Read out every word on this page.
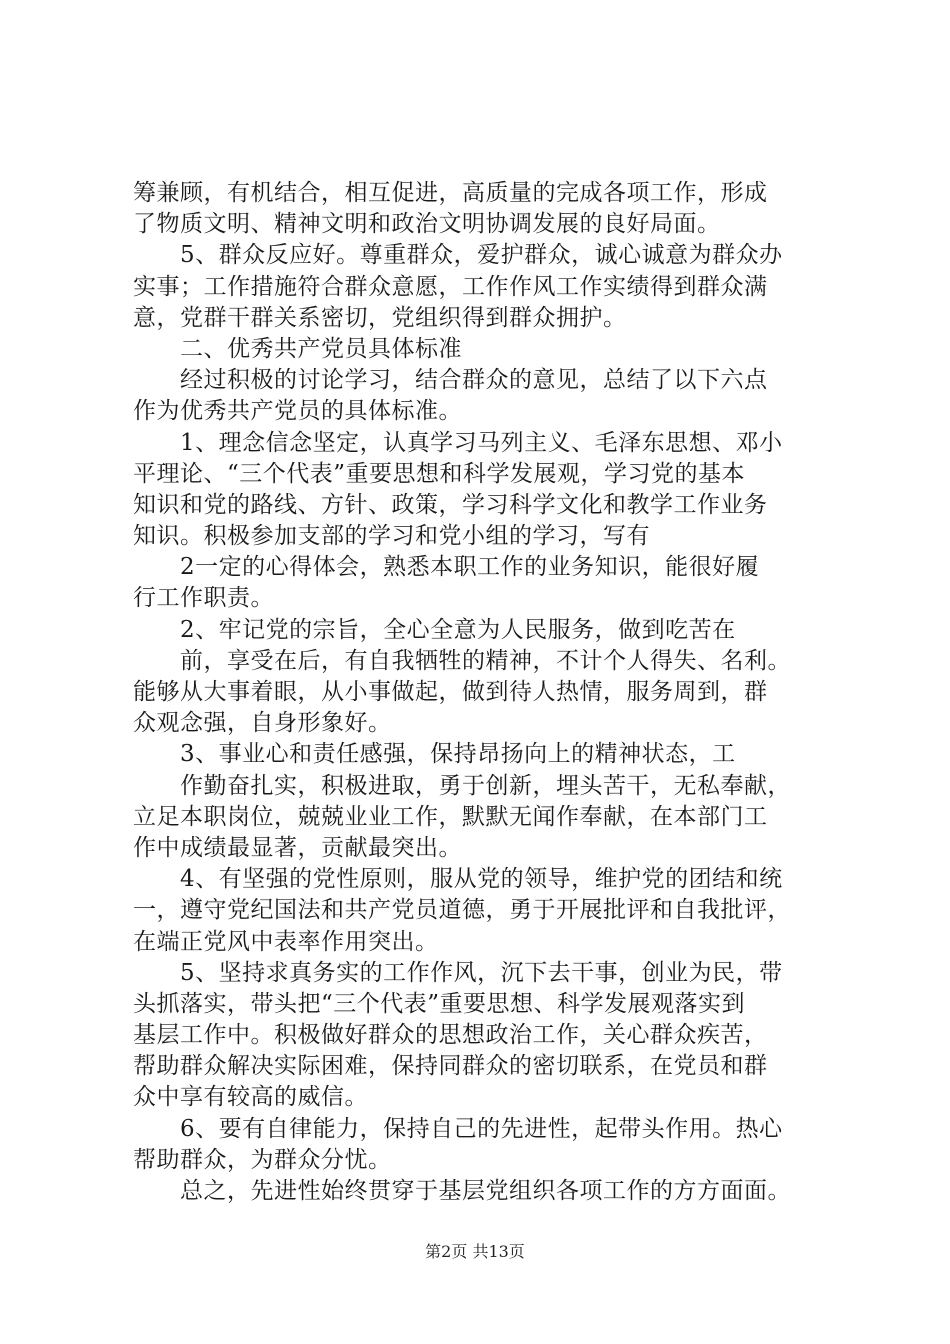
筹兼顾，有机结合，相互促进，高质量的完成各项工作，形成
了物质文明、精神文明和政治文明协调发展的良好局面。
5、群众反应好。尊重群众，爱护群众，诚心诚意为群众办
实事；工作措施符合群众意愿，工作作风工作实绩得到群众满
意，党群干群关系密切，党组织得到群众拥护。
二、优秀共产党员具体标准
经过积极的讨论学习，结合群众的意见，总结了以下六点
作为优秀共产党员的具体标准。
1、理念信念坚定，认真学习马列主义、毛泽东思想、邓小
平理论、“三个代表”重要思想和科学发展观，学习党的基本
知识和党的路线、方针、政策，学习科学文化和教学工作业务
知识。积极参加支部的学习和党小组的学习，写有
2一定的心得体会，熟悉本职工作的业务知识，能很好履
行工作职责。
2、牢记党的宗旨，全心全意为人民服务，做到吃苦在
前，享受在后，有自我牺牲的精神，不计个人得失、名利。
能够从大事着眼，从小事做起，做到待人热情，服务周到，群
众观念强，自身形象好。
3、事业心和责任感强，保持昂扬向上的精神状态，工
作勤奋扎实，积极进取，勇于创新，埋头苦干，无私奉献，
立足本职岗位，兢兢业业工作，默默无闻作奉献，在本部门工
作中成绩最显著，贡献最突出。
4、有坚强的党性原则，服从党的领导，维护党的团结和统
一，遵守党纪国法和共产党员道德，勇于开展批评和自我批评，
在端正党风中表率作用突出。
5、坚持求真务实的工作作风，沉下去干事，创业为民，带
头抓落实，带头把“三个代表”重要思想、科学发展观落实到
基层工作中。积极做好群众的思想政治工作，关心群众疾苦，
帮助群众解决实际困难，保持同群众的密切联系，在党员和群
众中享有较高的威信。
6、要有自律能力，保持自己的先进性，起带头作用。热心
帮助群众，为群众分忧。
总之，先进性始终贯穿于基层党组织各项工作的方方面面。
第2页 共13页
